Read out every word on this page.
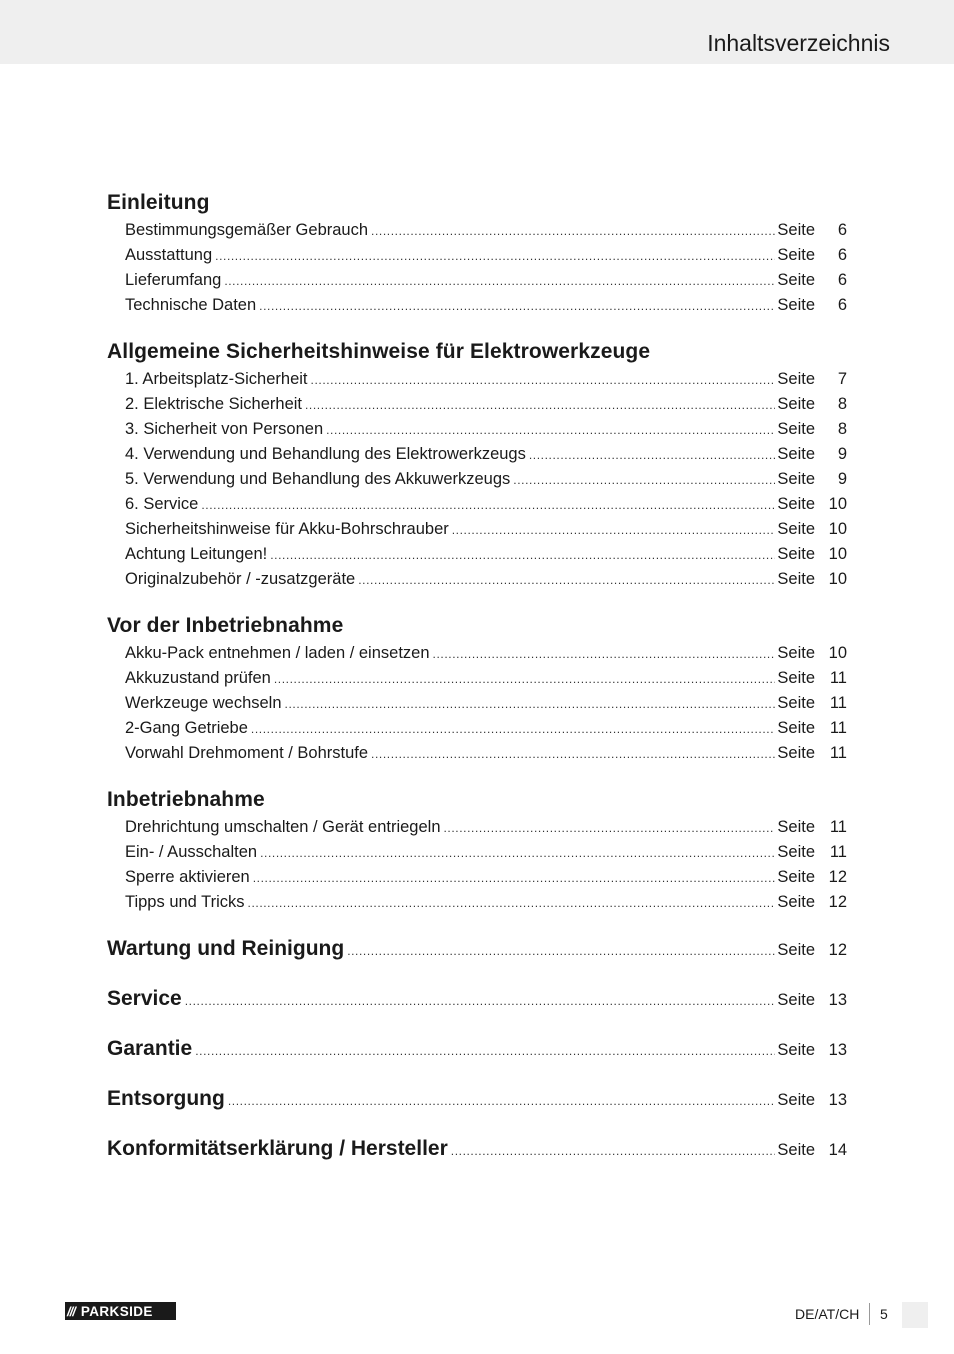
Inhaltsverzeichnis
Einleitung
Bestimmungsgemäßer Gebrauch .....	Seite	6
Ausstattung .....	Seite	6
Lieferumfang .....	Seite	6
Technische Daten .....	Seite	6
Allgemeine Sicherheitshinweise für Elektrowerkzeuge
1. Arbeitsplatz-Sicherheit .....	Seite	7
2. Elektrische Sicherheit .....	Seite	8
3. Sicherheit von Personen .....	Seite	8
4. Verwendung und Behandlung des Elektrowerkzeugs .....	Seite	9
5. Verwendung und Behandlung des Akkuwerkzeugs .....	Seite	9
6. Service .....	Seite 10
Sicherheitshinweise für Akku-Bohrschrauber .....	Seite 10
Achtung Leitungen! .....	Seite 10
Originalzubehör / -zusatzgeräte .....	Seite 10
Vor der Inbetriebnahme
Akku-Pack entnehmen / laden / einsetzen .....	Seite 10
Akkuzustand prüfen .....	Seite 11
Werkzeuge wechseln .....	Seite 11
2-Gang Getriebe .....	Seite 11
Vorwahl Drehmoment / Bohrstufe .....	Seite 11
Inbetriebnahme
Drehrichtung umschalten / Gerät entriegeln .....	Seite 11
Ein- / Ausschalten .....	Seite 11
Sperre aktivieren .....	Seite 12
Tipps und Tricks .....	Seite 12
Wartung und Reinigung .....	Seite 12
Service .....	Seite 13
Garantie .....	Seite 13
Entsorgung .....	Seite 13
Konformitätserklärung / Hersteller .....	Seite 14
/// PARKSIDE	DE/AT/CH 5
